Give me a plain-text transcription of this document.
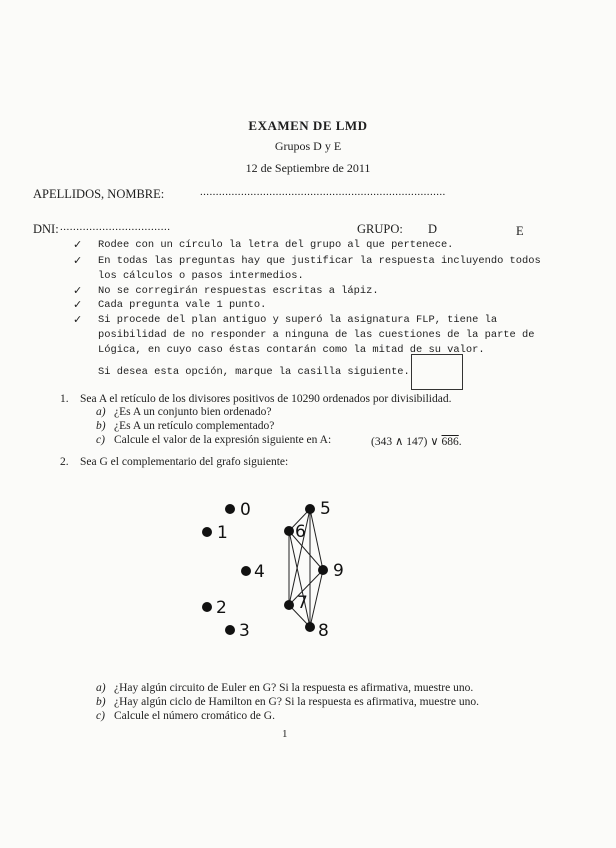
EXAMEN DE LMD
Grupos D y E
12 de Septiembre de 2011
APELLIDOS, NOMBRE:	..............................................................................
DNI: ..................................	GRUPO: D	E
✓ Rodee con un círculo la letra del grupo al que pertenece.
✓ En todas las preguntas hay que justificar la respuesta incluyendo todos
los cálculos o pasos intermedios.
✓ No se corregirán respuestas escritas a lápiz.
✓ Cada pregunta vale 1 punto.
✓ Si procede del plan antiguo y superó la asignatura FLP, tiene la
posibilidad de no responder a ninguna de las cuestiones de la parte de
Lógica, en cuyo caso éstas contarán como la mitad de su valor.
Si desea esta opción, marque la casilla siguiente.
1. Sea A el retículo de los divisores positivos de 10290 ordenados por divisibilidad.
a) ¿Es A un conjunto bien ordenado?
b) ¿Es A un retículo complementado?
c) Calcule el valor de la expresión siguiente en A:	(343 ∧ 147) ∨ 686.
2. Sea G el complementario del grafo siguiente:
0
1
2
3
4
5
6
7
8
9
a) ¿Hay algún circuito de Euler en G? Si la respuesta es afirmativa, muestre uno.
b) ¿Hay algún ciclo de Hamilton en G? Si la respuesta es afirmativa, muestre uno.
c) Calcule el número cromático de G.
1
